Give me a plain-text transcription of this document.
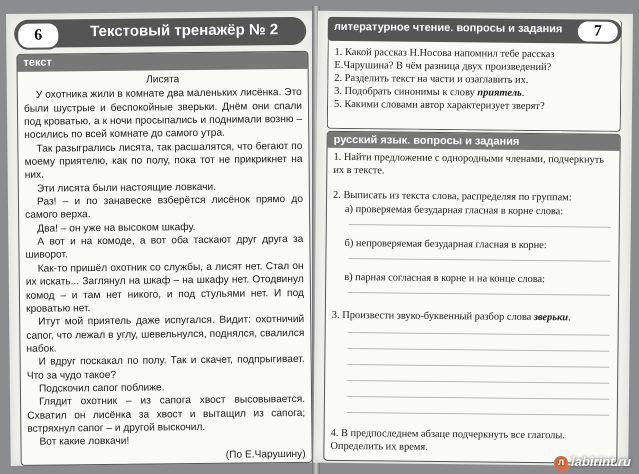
6	Текстовый тренажёр № 2
текст
Лисята

У охотника жили в комнате два маленьких лисёнка. Это были шустрые и беспокойные зверьки. Днём они спали под кроватью, а к ночи просыпались и поднимали возню – носились по всей комнате до самого утра.

Так разыгрались лисята, так расшалятся, что бегают по моему приятелю, как по полу, пока тот не прикрикнет на них.

Эти лисята были настоящие ловкачи.

Раз! – и по занавеске взберётся лисёнок прямо до самого верха.

Два! – он уже на высоком шкафу.

А вот и на комоде, а вот оба таскают друг друга за шиворот.

Как-то пришёл охотник со службы, а лисят нет. Стал он их искать... Заглянул на шкаф – на шкафу нет. Отодвинул комод – и там нет никого, и под стульями нет. И под кроватью нет.

Итут мой приятель даже испугался. Видит: охотничий сапог, что лежал в углу, шевельнулся, поднялся, свалился набок.

И вдруг поскакал по полу. Так и скачет, подпрыгивает. Что за чудо такое?

Подскочил сапог поближе.

Глядит охотник – из сапога хвост высовывается. Схватил он лисёнка за хвост и вытащил из сапога; встряхнул сапог – и другой выскочил.

Вот какие ловкачи!

(По Е.Чарушину)
1. Какой рассказ Н.Носова напомнил тебе рассказ Е.Чарушина? В чём разница двух произведений?
2. Разделить текст на части и озаглавить их.
3. Подобрать синонимы к слову приятель.
5. Какими словами автор характеризует зверят?
литературное чтение. вопросы и задания	7
русский язык. вопросы и задания
1. Найти предложение с однородными членами, подчеркнуть их в тексте.
2. Выписать из текста слова, распределяя по группам:
а) проверяемая безударная гласная в корне слова:
б) непроверяемая безударная гласная в корне:
в) парная согласная в корне и на конце слова:
3. Произвести звуко-буквенный разбор слова зверьки.
4. В предпоследнем абзаце подчеркнуть все глаголы. Определить их время.
л labirint.ru
